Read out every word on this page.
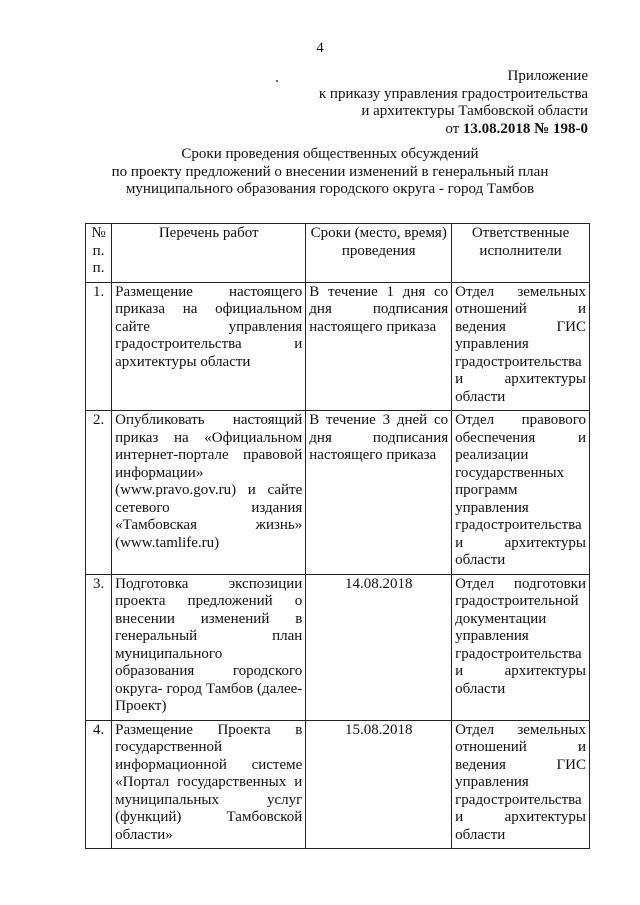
4
Приложение
к приказу управления градостроительства
и архитектуры Тамбовской области
от 13.08.2018 № 198-0
Сроки проведения общественных обсуждений
по проекту предложений о внесении изменений в генеральный план
муниципального образования городского округа - город Тамбов
№ п. п.	Перечень работ	Сроки (место, время) проведения	Ответственные исполнители
1.	Размещение настоящего приказа на официальном сайте управления градостроительства и архитектуры области	В течение 1 дня со дня подписания настоящего приказа	Отдел земельных отношений и ведения ГИС управления градостроительства и архитектуры области
2.	Опубликовать настоящий приказ на «Официальном интернет-портале правовой информации» (www.pravo.gov.ru) и сайте сетевого издания «Тамбовская жизнь» (www.tamlife.ru)	В течение 3 дней со дня подписания настоящего приказа	Отдел правового обеспечения и реализации государственных программ управления градостроительства и архитектуры области
3.	Подготовка экспозиции проекта предложений о внесении изменений в генеральный план муниципального образования городского округа- город Тамбов (далее- Проект)	14.08.2018	Отдел подготовки градостроительной документации управления градостроительства и архитектуры области
4.	Размещение Проекта в государственной информационной системе «Портал государственных и муниципальных услуг (функций) Тамбовской области»	15.08.2018	Отдел земельных отношений и ведения ГИС управления градостроительства и архитектуры области
